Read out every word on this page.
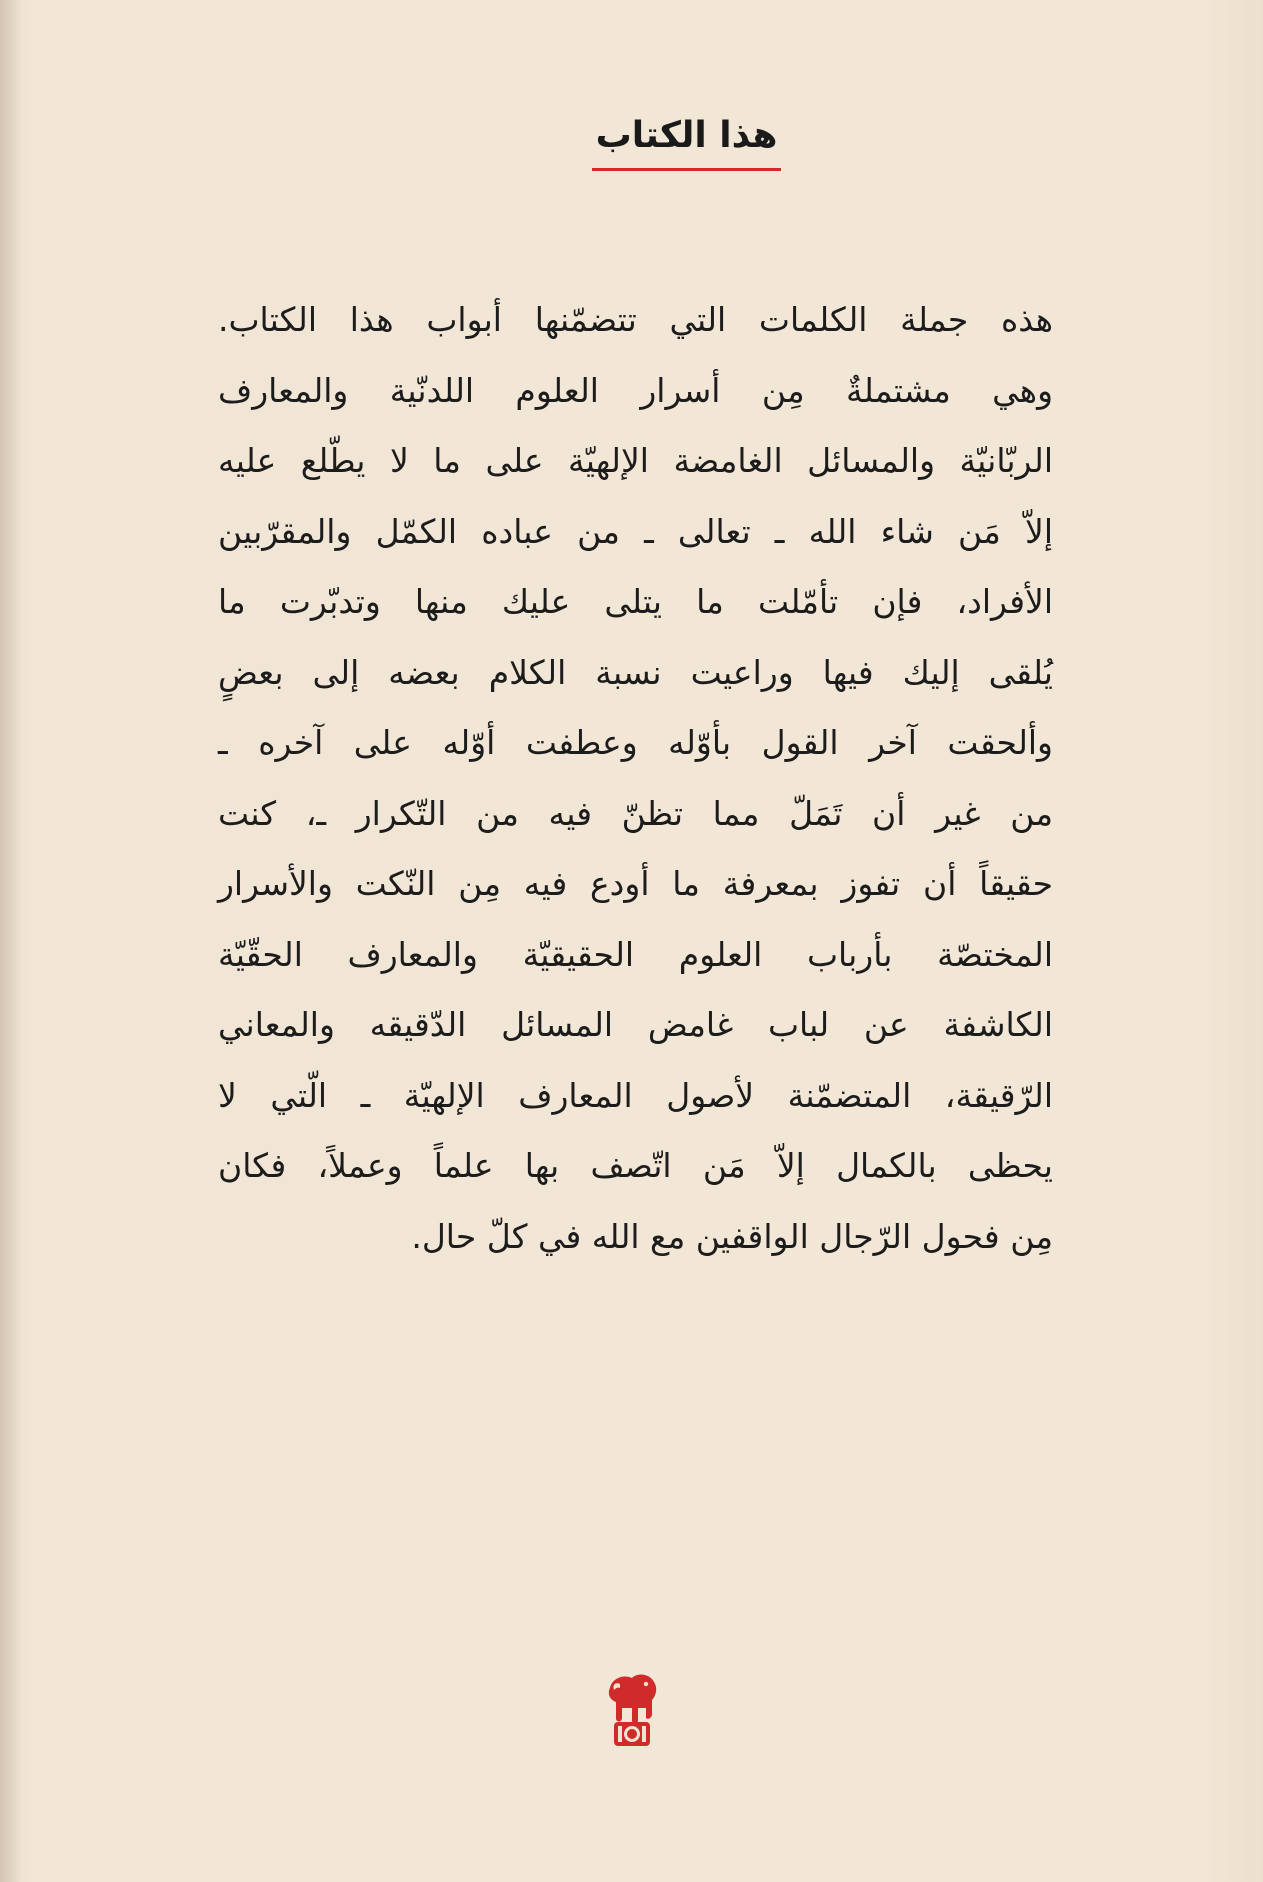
هذا الكتاب
هذه جملة الكلمات التي تتضمّنها أبواب هذا الكتاب.
وهي مشتملةٌ مِن أسرار العلوم اللدنّية والمعارف
الربّانيّة والمسائل الغامضة الإلهيّة على ما لا يطّلع عليه
إلاّ مَن شاء الله ـ تعالى ـ من عباده الكمّل والمقرّبين
الأفراد، فإن تأمّلت ما يتلى عليك منها وتدبّرت ما
يُلقى إليك فيها وراعيت نسبة الكلام بعضه إلى بعضٍ
وألحقت آخر القول بأوّله وعطفت أوّله على آخره ـ
من غير أن تَمَلّ مما تظنّ فيه من التّكرار ـ، كنت
حقيقاً أن تفوز بمعرفة ما أودع فيه مِن النّكت والأسرار
المختصّة بأرباب العلوم الحقيقيّة والمعارف الحقّيّة
الكاشفة عن لباب غامض المسائل الدّقيقه والمعاني
الرّقيقة، المتضمّنة لأصول المعارف الإلهيّة ـ الّتي لا
يحظى بالكمال إلاّ مَن اتّصف بها علماً وعملاً، فكان
مِن فحول الرّجال الواقفين مع الله في كلّ حال.
